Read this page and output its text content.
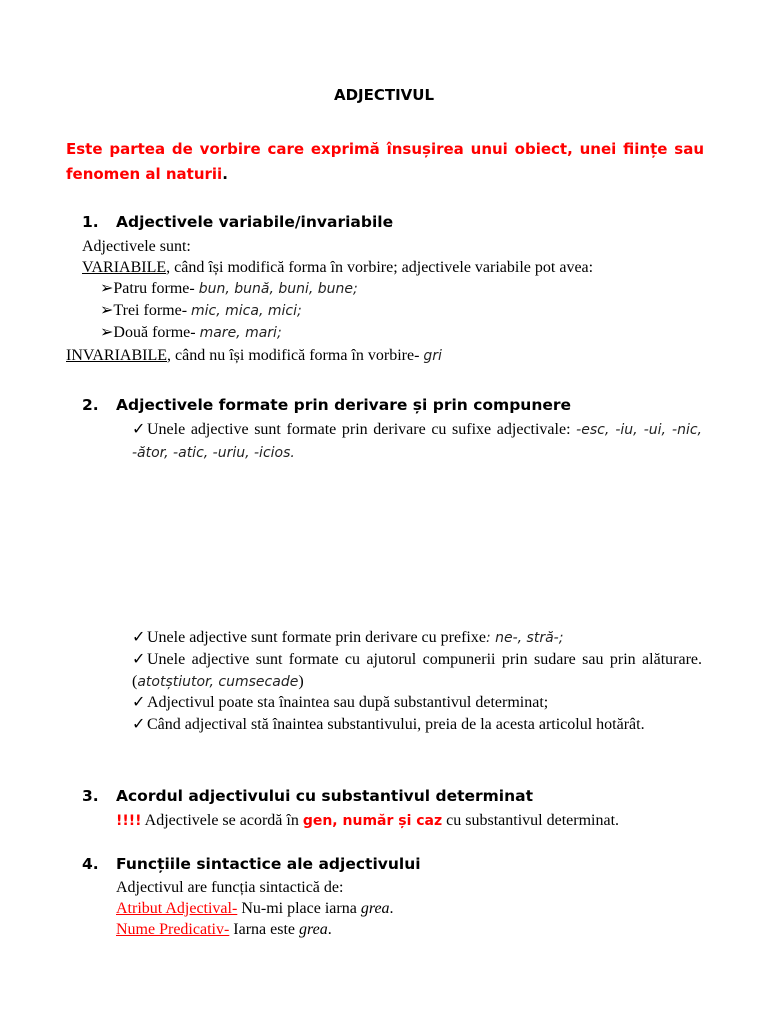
ADJECTIVUL
Este partea de vorbire care exprimă însușirea unui obiect, unei ființe sau fenomen al naturii.
1. Adjectivele variabile/invariabile
Adjectivele sunt:
VARIABILE, când își modifică forma în vorbire; adjectivele variabile pot avea:
➢Patru forme- bun, bună, buni, bune;
➢Trei forme- mic, mica, mici;
➢Două forme- mare, mari;
INVARIABILE, când nu își modifică forma în vorbire- gri
2. Adjectivele formate prin derivare și prin compunere
✓Unele adjective sunt formate prin derivare cu sufixe adjectivale: -esc, -iu, -ui, -nic, -ător, -atic, -uriu, -icios.
✓Unele adjective sunt formate prin derivare cu prefixe: ne-, stră-;
✓Unele adjective sunt formate cu ajutorul compunerii prin sudare sau prin alăturare. (atotștiutor, cumsecade)
✓Adjectivul poate sta înaintea sau după substantivul determinat;
✓Când adjectival stă înaintea substantivului, preia de la acesta articolul hotărât.
3. Acordul adjectivului cu substantivul determinat
!!!! Adjectivele se acordă în gen, număr și caz cu substantivul determinat.
4. Funcțiile sintactice ale adjectivului
Adjectivul are funcția sintactică de:
Atribut Adjectival- Nu-mi place iarna grea.
Nume Predicativ- Iarna este grea.
